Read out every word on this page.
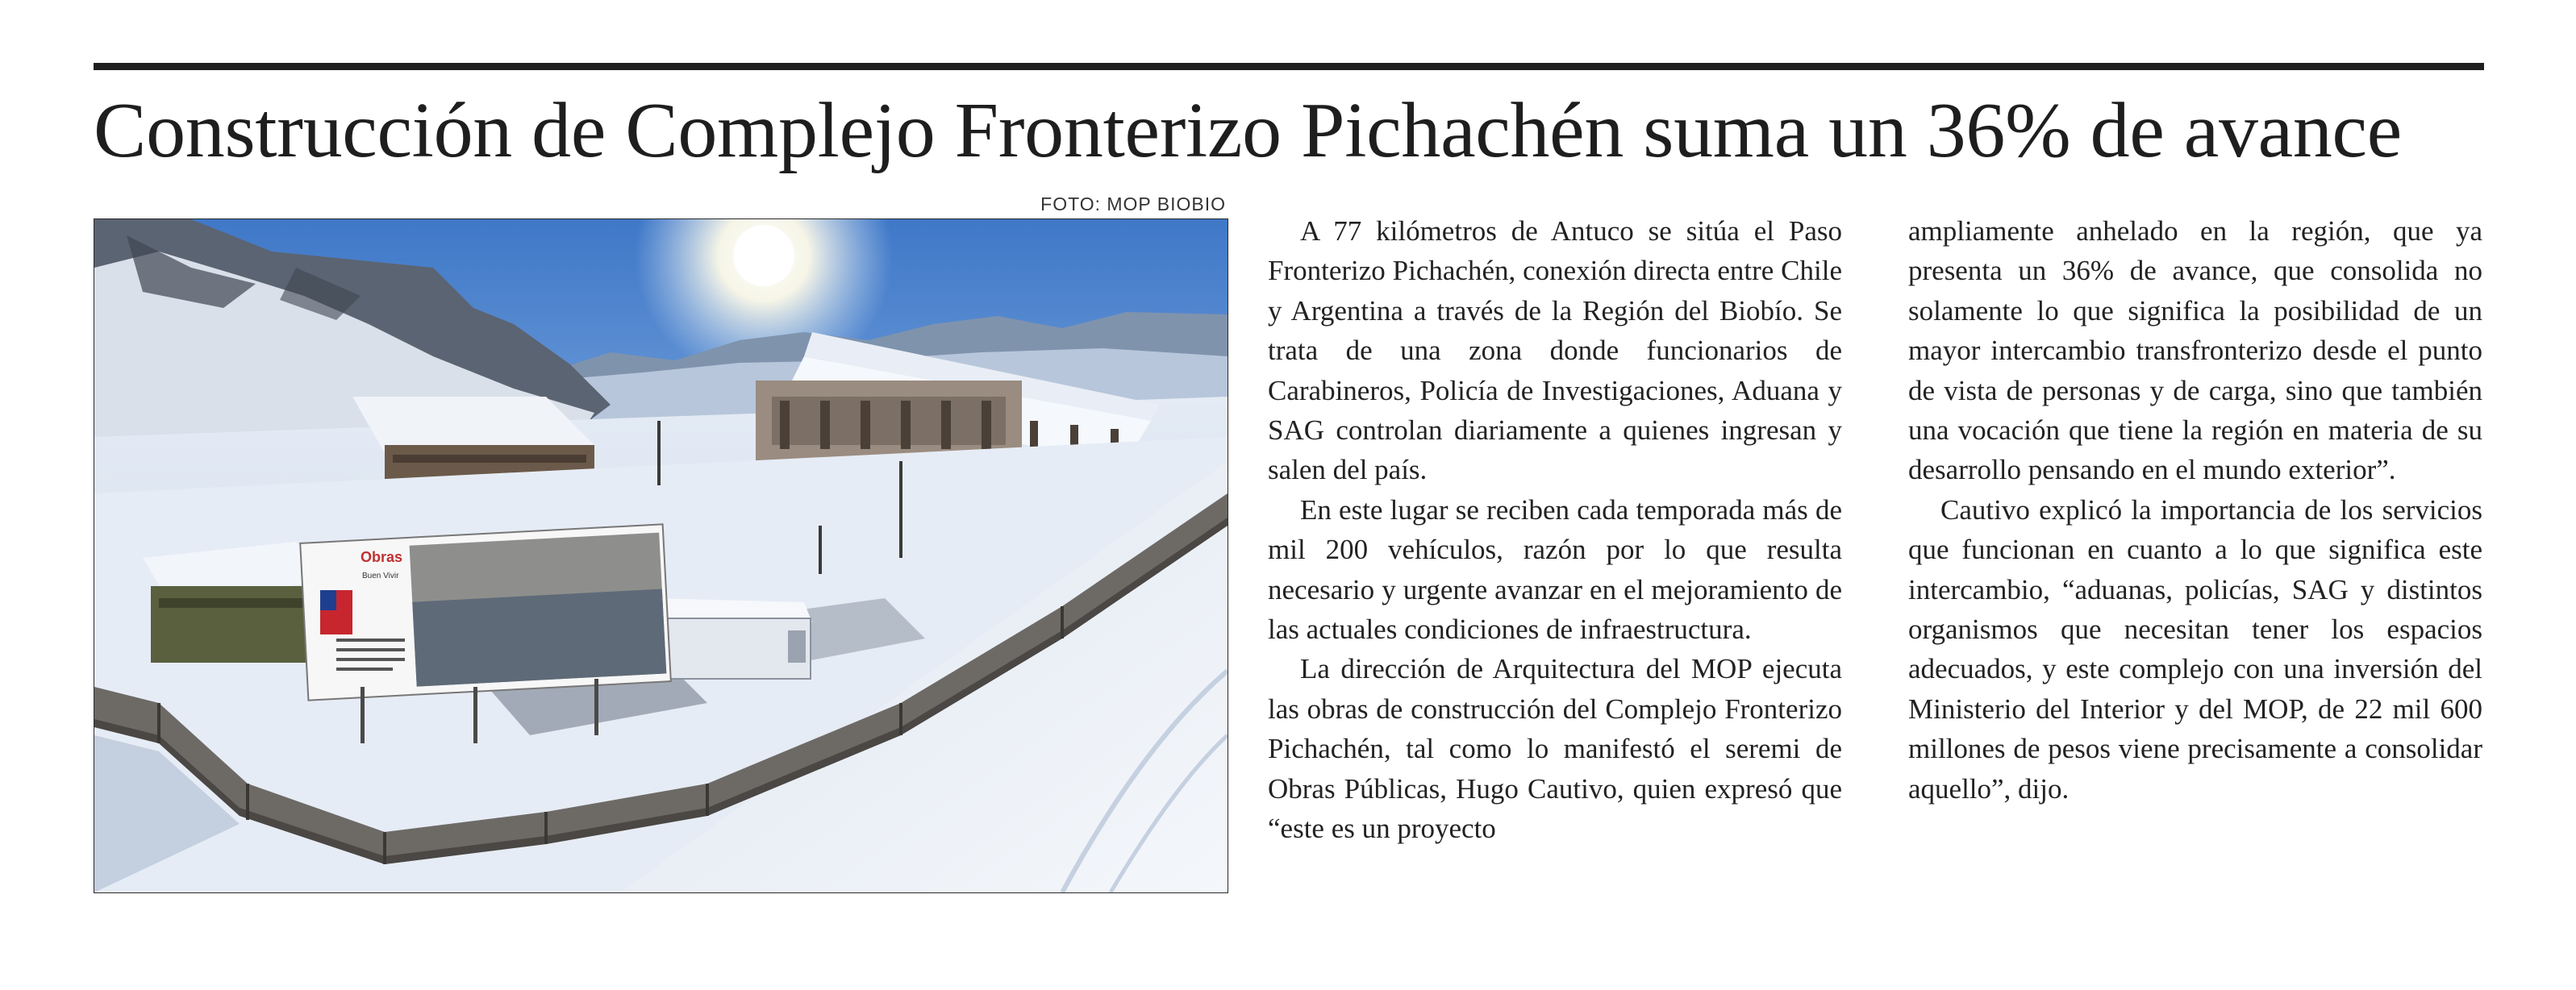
Construcción de Complejo Fronterizo Pichachén suma un 36% de avance
FOTO: MOP BIOBIO
Obras
Buen Vivir

A 77 kilómetros de Antuco se sitúa el Paso Fronterizo Pichachén, conexión directa entre Chile y Argentina a través de la Región del Biobío. Se trata de una zona donde funcionarios de Carabineros, Policía de Investigaciones, Aduana y SAG controlan diariamente a quienes ingresan y salen del país.

En este lugar se reciben cada temporada más de mil 200 vehículos, razón por lo que resulta necesario y urgente avanzar en el mejoramiento de las actuales condiciones de infraestructura.

La dirección de Arquitectura del MOP ejecuta las obras de construcción del Complejo Fronterizo Pichachén, tal como lo manifestó el seremi de Obras Públicas, Hugo Cautivo, quien expresó que “este es un proyecto

ampliamente anhelado en la región, que ya presenta un 36% de avance, que consolida no solamente lo que significa la posibilidad de un mayor intercambio transfronterizo desde el punto de vista de personas y de carga, sino que también una vocación que tiene la región en materia de su desarrollo pensando en el mundo exterior”.

Cautivo explicó la importancia de los servicios que funcionan en cuanto a lo que significa este intercambio, “aduanas, policías, SAG y distintos organismos que necesitan tener los espacios adecuados, y este complejo con una inversión del Ministerio del Interior y del MOP, de 22 mil 600 millones de pesos viene precisamente a consolidar aquello”, dijo.
